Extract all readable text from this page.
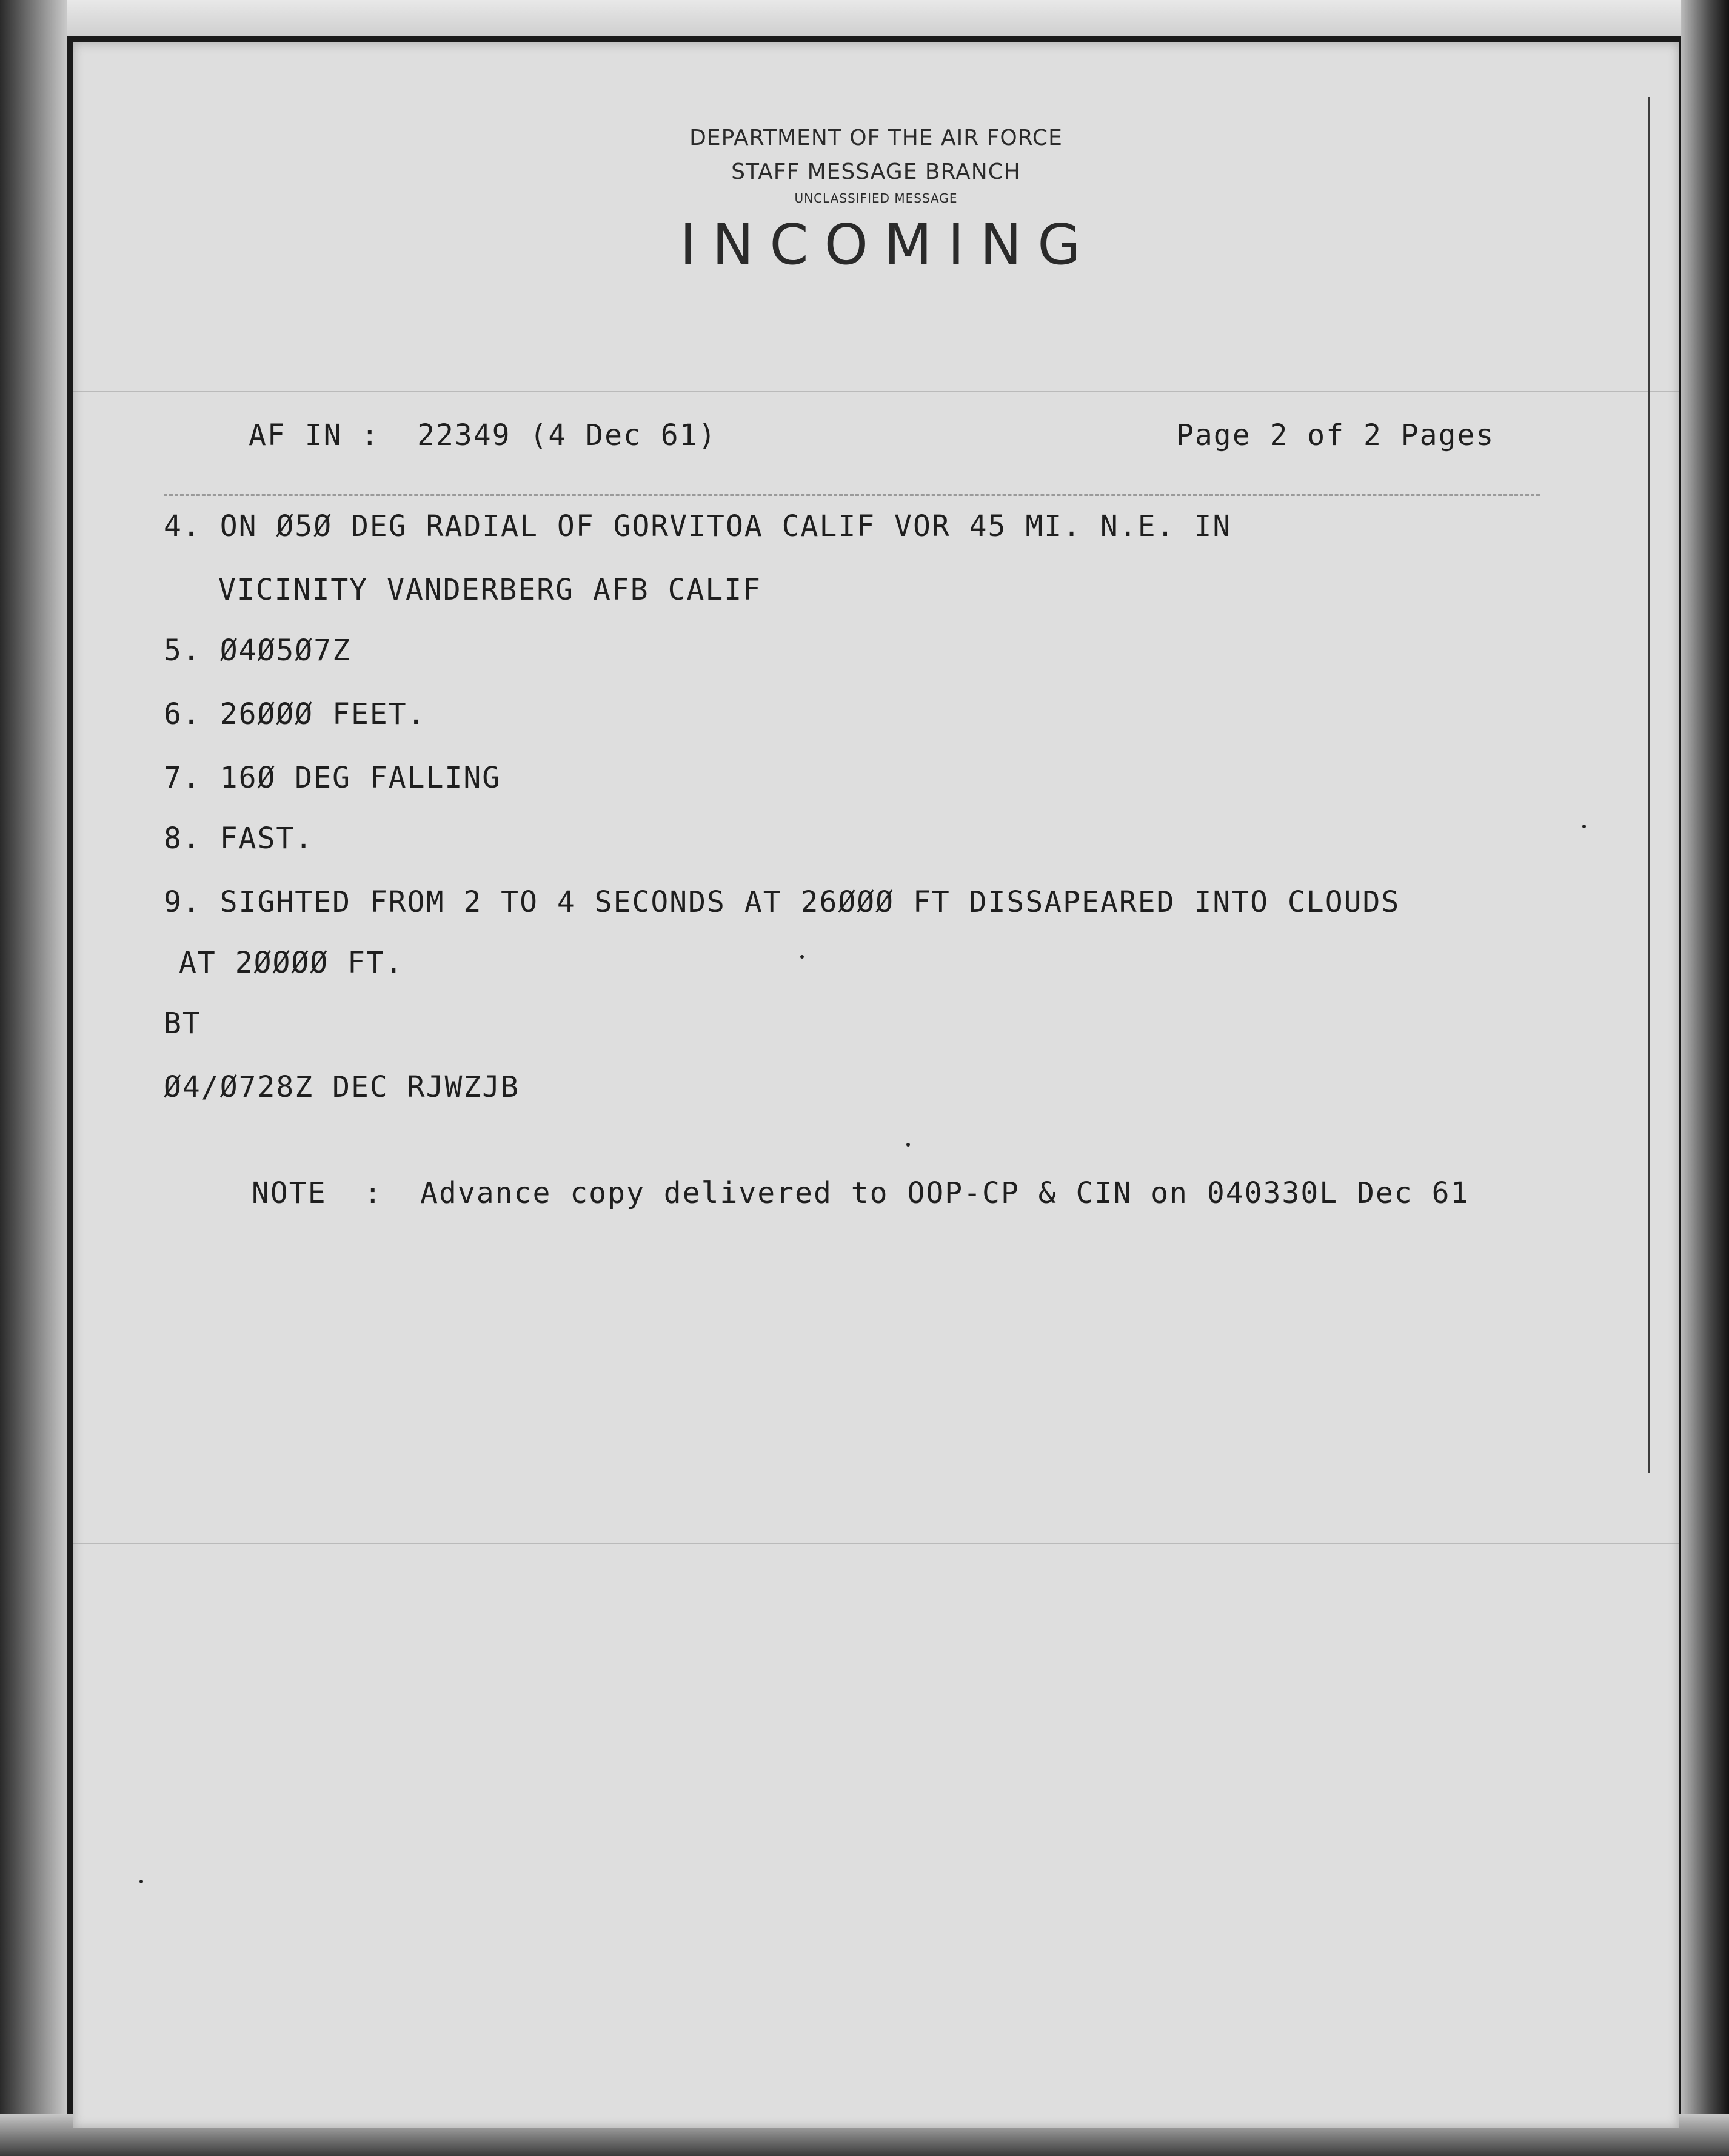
DEPARTMENT OF THE AIR FORCE
STAFF MESSAGE BRANCH
UNCLASSIFIED MESSAGE
INCOMING
AF IN :  22349 (4 Dec 61)	Page 2 of 2 Pages
4. ON Ø5Ø DEG RADIAL OF GORVITOA CALIF VOR 45 MI. N.E. IN
VICINITY VANDERBERG AFB CALIF
5. Ø4Ø5Ø7Z
6. 26ØØØ FEET.
7. 16Ø DEG FALLING
8. FAST.
9. SIGHTED FROM 2 TO 4 SECONDS AT 26ØØØ FT DISSAPEARED INTO CLOUDS
AT 2ØØØØ FT.
BT
Ø4/Ø728Z DEC RJWZJB
NOTE  :  Advance copy delivered to OOP-CP & CIN on 040330L Dec 61
